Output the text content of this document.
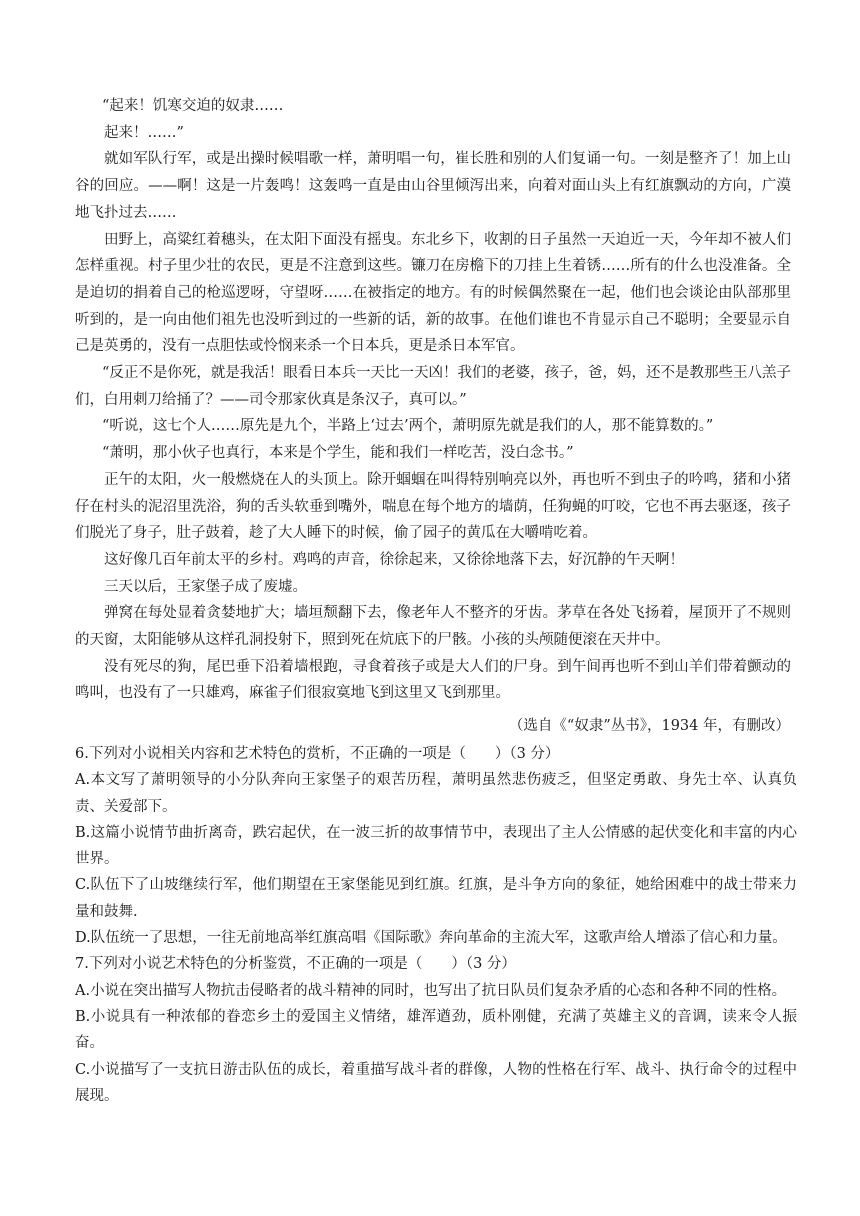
“起来！饥寒交迫的奴隶……

起来！……”

就如军队行军，或是出操时候唱歌一样，萧明唱一句，崔长胜和别的人们复诵一句。一刻是整齐了！加上山谷的回应。——啊！这是一片轰鸣！这轰鸣一直是由山谷里倾泻出来，向着对面山头上有红旗飘动的方向，广漠地飞扑过去……

田野上，高粱红着穗头，在太阳下面没有摇曳。东北乡下，收割的日子虽然一天迫近一天，今年却不被人们怎样重视。村子里少壮的农民，更是不注意到这些。镰刀在房檐下的刀挂上生着锈……所有的什么也没准备。全是迫切的捐着自己的枪巡逻呀，守望呀……在被指定的地方。有的时候偶然聚在一起，他们也会谈论由队部那里听到的，是一向由他们祖先也没听到过的一些新的话，新的故事。在他们谁也不肯显示自己不聪明；全要显示自己是英勇的，没有一点胆怯或怜悯来杀一个日本兵，更是杀日本军官。

“反正不是你死，就是我活！眼看日本兵一天比一天凶！我们的老婆，孩子，爸，妈，还不是教那些王八羔子们，白用刺刀给捅了？——司令那家伙真是条汉子，真可以。”

“听说，这七个人……原先是九个，半路上‘过去’两个，萧明原先就是我们的人，那不能算数的。”

“萧明，那小伙子也真行，本来是个学生，能和我们一样吃苦，没白念书。”

正午的太阳，火一般燃烧在人的头顶上。除开蝈蝈在叫得特别响亮以外，再也听不到虫子的吟鸣，猪和小猪仔在村头的泥沼里洗浴，狗的舌头软垂到嘴外，喘息在每个地方的墙荫，任狗蝇的叮咬，它也不再去驱逐，孩子们脱光了身子，肚子鼓着，趁了大人睡下的时候，偷了园子的黄瓜在大嚼啃吃着。

这好像几百年前太平的乡村。鸡鸣的声音，徐徐起来，又徐徐地落下去，好沉静的午天啊！

三天以后，王家堡子成了废墟。

弹窝在每处显着贪婪地扩大；墙垣颓翻下去，像老年人不整齐的牙齿。茅草在各处飞扬着，屋顶开了不规则的天窗，太阳能够从这样孔洞投射下，照到死在炕底下的尸骸。小孩的头颅随便滚在天井中。

没有死尽的狗，尾巴垂下沿着墙根跑，寻食着孩子或是大人们的尸身。到午间再也听不到山羊们带着颤动的鸣叫，也没有了一只雄鸡，麻雀子们很寂寞地飞到这里又飞到那里。

（选自《“奴隶”丛书》，1934 年，有删改）

6.下列对小说相关内容和艺术特色的赏析，不正确的一项是（　　）（3 分）

A.本文写了萧明领导的小分队奔向王家堡子的艰苦历程，萧明虽然悲伤疲乏，但坚定勇敢、身先士卒、认真负责、关爱部下。

B.这篇小说情节曲折离奇，跌宕起伏，在一波三折的故事情节中，表现出了主人公情感的起伏变化和丰富的内心世界。

C.队伍下了山坡继续行军，他们期望在王家堡能见到红旗。红旗，是斗争方向的象征，她给困难中的战士带来力量和鼓舞.

D.队伍统一了思想，一往无前地高举红旗高唱《国际歌》奔向革命的主流大军，这歌声给人增添了信心和力量。

7.下列对小说艺术特色的分析鉴赏，不正确的一项是（　　）（3 分）

A.小说在突出描写人物抗击侵略者的战斗精神的同时，也写出了抗日队员们复杂矛盾的心态和各种不同的性格。

B.小说具有一种浓郁的眷恋乡土的爱国主义情绪，雄浑遒劲，质朴刚健，充满了英雄主义的音调，读来令人振奋。

C.小说描写了一支抗日游击队伍的成长，着重描写战斗者的群像，人物的性格在行军、战斗、执行命令的过程中展现。
